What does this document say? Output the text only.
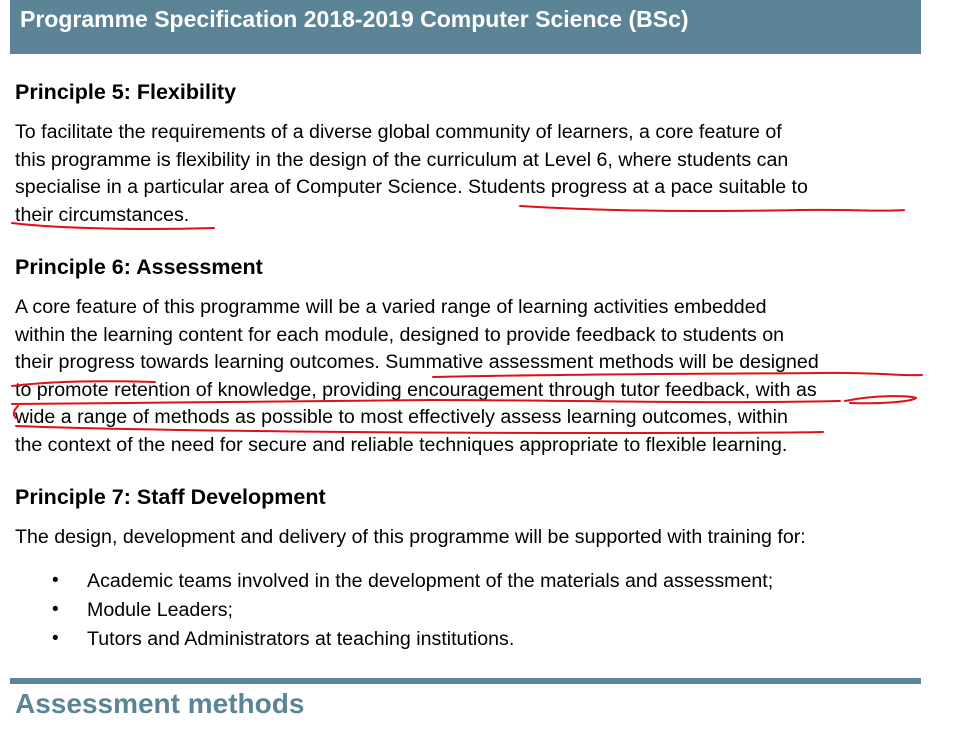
Programme Specification 2018-2019 Computer Science (BSc)
Principle 5: Flexibility
To facilitate the requirements of a diverse global community of learners, a core feature of
this programme is flexibility in the design of the curriculum at Level 6, where students can
specialise in a particular area of Computer Science. Students progress at a pace suitable to
their circumstances.
Principle 6: Assessment
A core feature of this programme will be a varied range of learning activities embedded
within the learning content for each module, designed to provide feedback to students on
their progress towards learning outcomes. Summative assessment methods will be designed
to promote retention of knowledge, providing encouragement through tutor feedback, with as
wide a range of methods as possible to most effectively assess learning outcomes, within
the context of the need for secure and reliable techniques appropriate to flexible learning.
Principle 7: Staff Development
The design, development and delivery of this programme will be supported with training for:
• Academic teams involved in the development of the materials and assessment;
• Module Leaders;
• Tutors and Administrators at teaching institutions.
Assessment methods
